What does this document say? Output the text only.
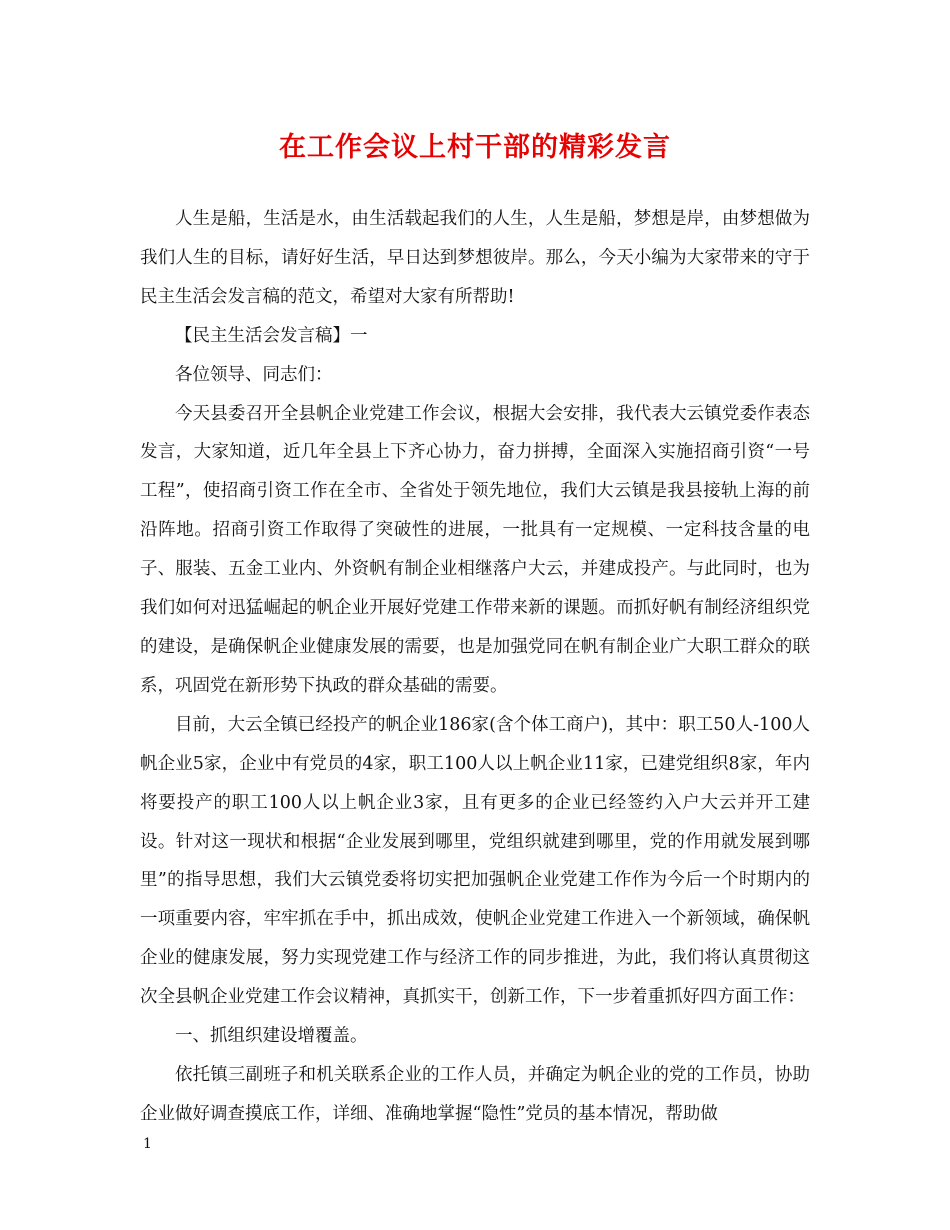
在工作会议上村干部的精彩发言

人生是船，生活是水，由生活载起我们的人生，人生是船，梦想是岸，由梦想做为我们人生的目标，请好好生活，早日达到梦想彼岸。那么，今天小编为大家带来的守于民主生活会发言稿的范文，希望对大家有所帮助!

【民主生活会发言稿】一

各位领导、同志们：

今天县委召开全县帆企业党建工作会议，根据大会安排，我代表大云镇党委作表态发言，大家知道，近几年全县上下齐心协力，奋力拼搏，全面深入实施招商引资“一号工程”，使招商引资工作在全市、全省处于领先地位，我们大云镇是我县接轨上海的前沿阵地。招商引资工作取得了突破性的进展，一批具有一定规模、一定科技含量的电子、服装、五金工业内、外资帆有制企业相继落户大云，并建成投产。与此同时，也为我们如何对迅猛崛起的帆企业开展好党建工作带来新的课题。而抓好帆有制经济组织党的建设，是确保帆企业健康发展的需要，也是加强党同在帆有制企业广大职工群众的联系，巩固党在新形势下执政的群众基础的需要。

目前，大云全镇已经投产的帆企业186家(含个体工商户)，其中：职工50人-100人帆企业5家，企业中有党员的4家，职工100人以上帆企业11家，已建党组织8家，年内将要投产的职工100人以上帆企业3家，且有更多的企业已经签约入户大云并开工建设。针对这一现状和根据“企业发展到哪里，党组织就建到哪里，党的作用就发展到哪里”的指导思想，我们大云镇党委将切实把加强帆企业党建工作作为今后一个时期内的一项重要内容，牢牢抓在手中，抓出成效，使帆企业党建工作进入一个新领域，确保帆企业的健康发展，努力实现党建工作与经济工作的同步推进，为此，我们将认真贯彻这次全县帆企业党建工作会议精神，真抓实干，创新工作，下一步着重抓好四方面工作：

一、抓组织建设增覆盖。

依托镇三副班子和机关联系企业的工作人员，并确定为帆企业的党的工作员，协助企业做好调查摸底工作，详细、准确地掌握“隐性”党员的基本情况，帮助做

1
